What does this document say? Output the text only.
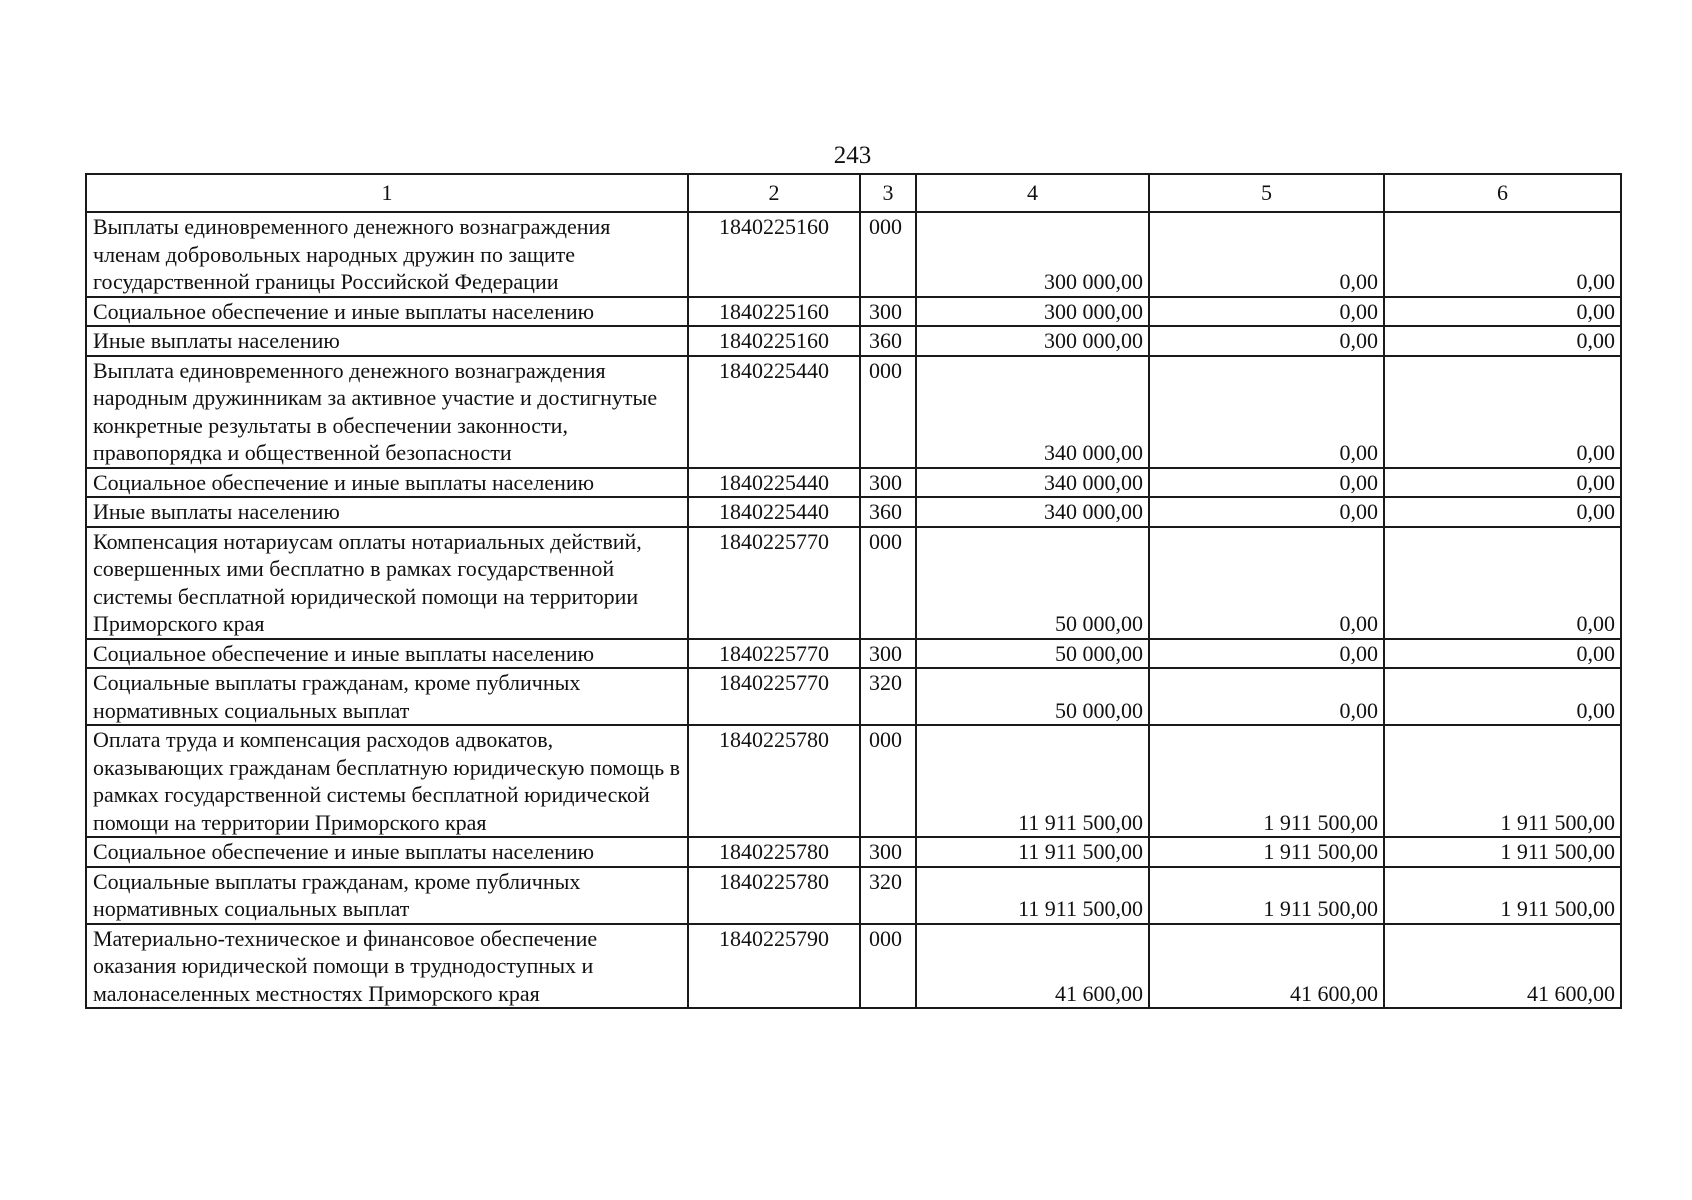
243
1	2	3	4	5	6
Выплаты единовременного денежного вознаграждения членам добровольных народных дружин по защите государственной границы Российской Федерации	1840225160	000	300 000,00	0,00	0,00
Социальное обеспечение и иные выплаты населению	1840225160	300	300 000,00	0,00	0,00
Иные выплаты населению	1840225160	360	300 000,00	0,00	0,00
Выплата единовременного денежного вознаграждения народным дружинникам за активное участие и достигнутые конкретные результаты в обеспечении законности, правопорядка и общественной безопасности	1840225440	000	340 000,00	0,00	0,00
Социальное обеспечение и иные выплаты населению	1840225440	300	340 000,00	0,00	0,00
Иные выплаты населению	1840225440	360	340 000,00	0,00	0,00
Компенсация нотариусам оплаты нотариальных действий, совершенных ими бесплатно в рамках государственной системы бесплатной юридической помощи на территории Приморского края	1840225770	000	50 000,00	0,00	0,00
Социальное обеспечение и иные выплаты населению	1840225770	300	50 000,00	0,00	0,00
Социальные выплаты гражданам, кроме публичных нормативных социальных выплат	1840225770	320	50 000,00	0,00	0,00
Оплата труда и компенсация расходов адвокатов, оказывающих гражданам бесплатную юридическую помощь в рамках государственной системы бесплатной юридической помощи на территории Приморского края	1840225780	000	11 911 500,00	1 911 500,00	1 911 500,00
Социальное обеспечение и иные выплаты населению	1840225780	300	11 911 500,00	1 911 500,00	1 911 500,00
Социальные выплаты гражданам, кроме публичных нормативных социальных выплат	1840225780	320	11 911 500,00	1 911 500,00	1 911 500,00
Материально-техническое и финансовое обеспечение оказания юридической помощи в труднодоступных и малонаселенных местностях Приморского края	1840225790	000	41 600,00	41 600,00	41 600,00
